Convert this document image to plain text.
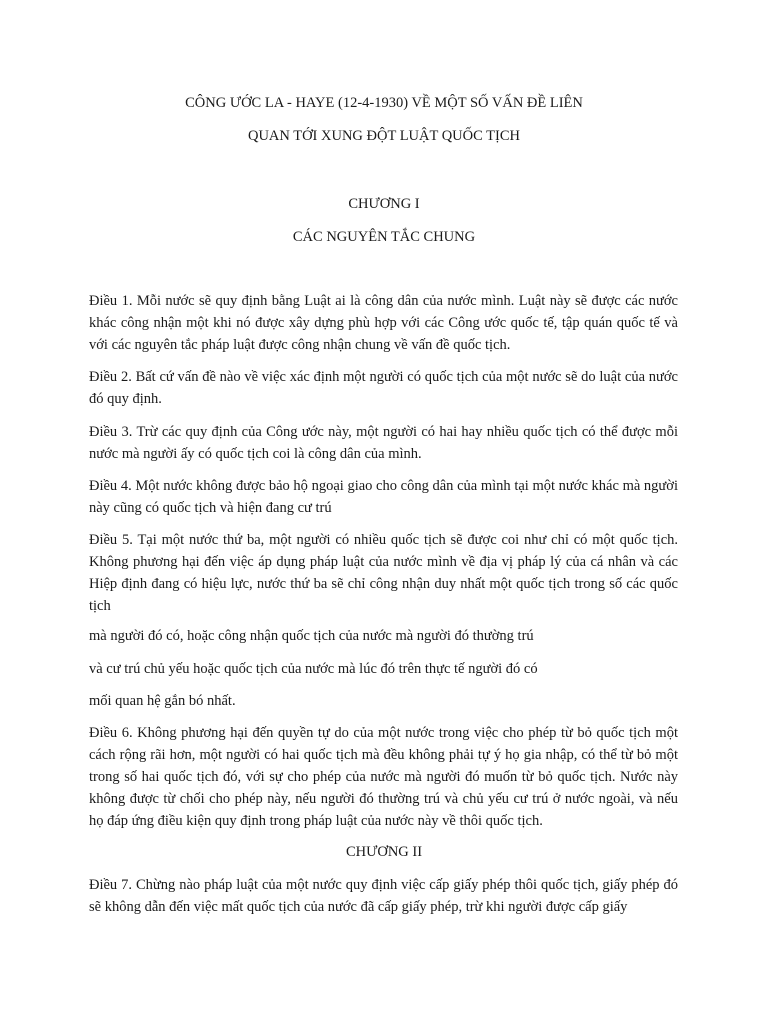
CÔNG ƯỚC LA - HAYE (12-4-1930) VỀ MỘT SỐ VẤN ĐỀ LIÊN

QUAN TỚI XUNG ĐỘT LUẬT QUỐC TỊCH

CHƯƠNG I

CÁC NGUYÊN TẮC CHUNG

Điều 1. Mỗi nước sẽ quy định bằng Luật ai là công dân của nước mình. Luật này sẽ được các nước khác công nhận một khi nó được xây dựng phù hợp với các Công ước quốc tế, tập quán quốc tế và với các nguyên tắc pháp luật được công nhận chung về vấn đề quốc tịch.

Điều 2. Bất cứ vấn đề nào về việc xác định một người có quốc tịch của một nước sẽ do luật của nước đó quy định.

Điều 3. Trừ các quy định của Công ước này, một người có hai hay nhiều quốc tịch có thể được mỗi nước mà người ấy có quốc tịch coi là công dân của mình.

Điều 4. Một nước không được bảo hộ ngoại giao cho công dân của mình tại một nước khác mà người này cũng có quốc tịch và hiện đang cư trú

Điều 5. Tại một nước thứ ba, một người có nhiều quốc tịch sẽ được coi như chỉ có một quốc tịch. Không phương hại đến việc áp dụng pháp luật của nước mình về địa vị pháp lý của cá nhân và các Hiệp định đang có hiệu lực, nước thứ ba sẽ chỉ công nhận duy nhất một quốc tịch trong số các quốc tịch

mà người đó có, hoặc công nhận quốc tịch của nước mà người đó thường trú

và cư trú chủ yếu hoặc quốc tịch của nước mà lúc đó trên thực tế người đó có

mối quan hệ gắn bó nhất.

Điều 6. Không phương hại đến quyền tự do của một nước trong việc cho phép từ bỏ quốc tịch một cách rộng rãi hơn, một người có hai quốc tịch mà đều không phải tự ý họ gia nhập, có thể từ bỏ một trong số hai quốc tịch đó, với sự cho phép của nước mà người đó muốn từ bỏ quốc tịch. Nước này không được từ chối cho phép này, nếu người đó thường trú và chủ yếu cư trú ở nước ngoài, và nếu họ đáp ứng điều kiện quy định trong pháp luật của nước này về thôi quốc tịch.

CHƯƠNG II

Điều 7. Chừng nào pháp luật của một nước quy định việc cấp giấy phép thôi quốc tịch, giấy phép đó sẽ không dẫn đến việc mất quốc tịch của nước đã cấp giấy phép, trừ khi người được cấp giấy
